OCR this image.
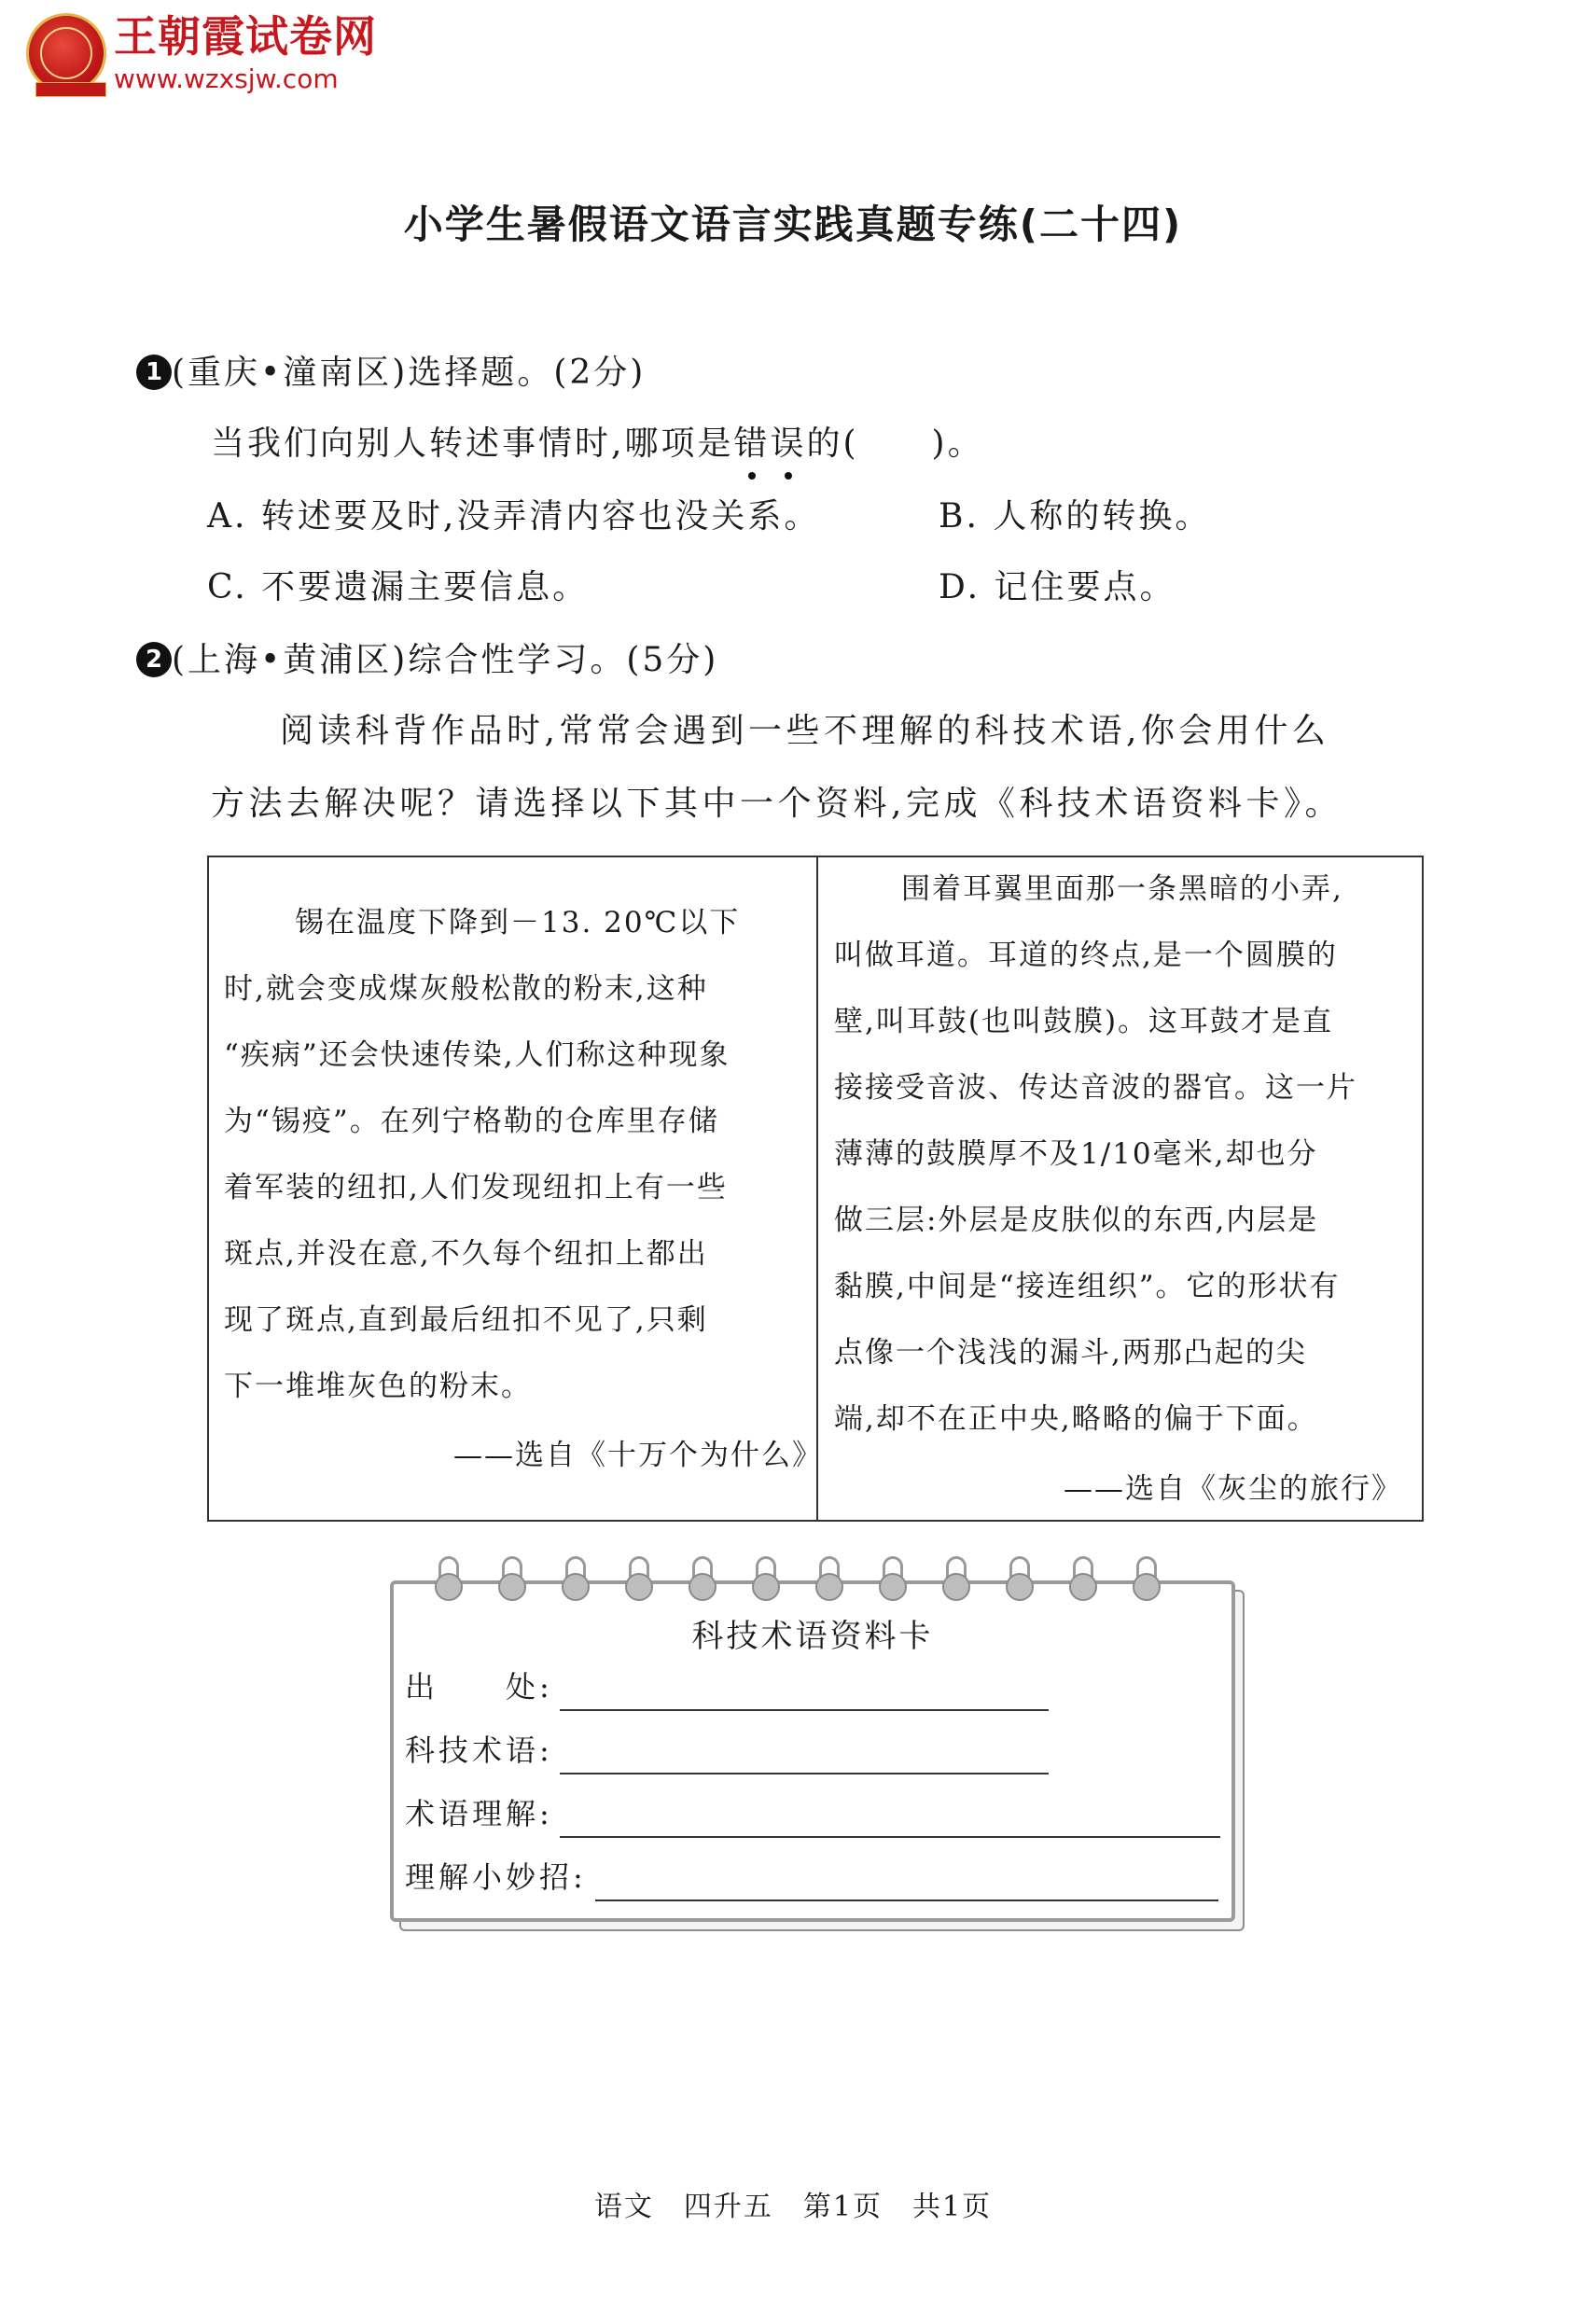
王朝霞试卷网
www.wzxsjw.com
小学生暑假语文语言实践真题专练(二十四)
1 (重庆•潼南区)选择题。(2分)
当我们向别人转述事情时,哪项是错误的(　　)。
A. 转述要及时,没弄清内容也没关系。	B. 人称的转换。
C. 不要遗漏主要信息。	D. 记住要点。
2 (上海•黄浦区)综合性学习。(5分)
阅读科背作品时,常常会遇到一些不理解的科技术语,你会用什么
方法去解决呢？请选择以下其中一个资料,完成《科技术语资料卡》。
锡在温度下降到－13. 20℃以下
时,就会变成煤灰般松散的粉末,这种
“疾病”还会快速传染,人们称这种现象
为“锡疫”。在列宁格勒的仓库里存储
着军装的纽扣,人们发现纽扣上有一些
斑点,并没在意,不久每个纽扣上都出
现了斑点,直到最后纽扣不见了,只剩
下一堆堆灰色的粉末。
——选自《十万个为什么》
围着耳翼里面那一条黑暗的小弄,
叫做耳道。耳道的终点,是一个圆膜的
壁,叫耳鼓(也叫鼓膜)。这耳鼓才是直
接接受音波、传达音波的器官。这一片
薄薄的鼓膜厚不及1/10毫米,却也分
做三层:外层是皮肤似的东西,内层是
黏膜,中间是“接连组织”。它的形状有
点像一个浅浅的漏斗,两那凸起的尖
端,却不在正中央,略略的偏于下面。
——选自《灰尘的旅行》
科技术语资料卡
出　　处:
科技术语:
术语理解:
理解小妙招:
语文　四升五　第1页　共1页
